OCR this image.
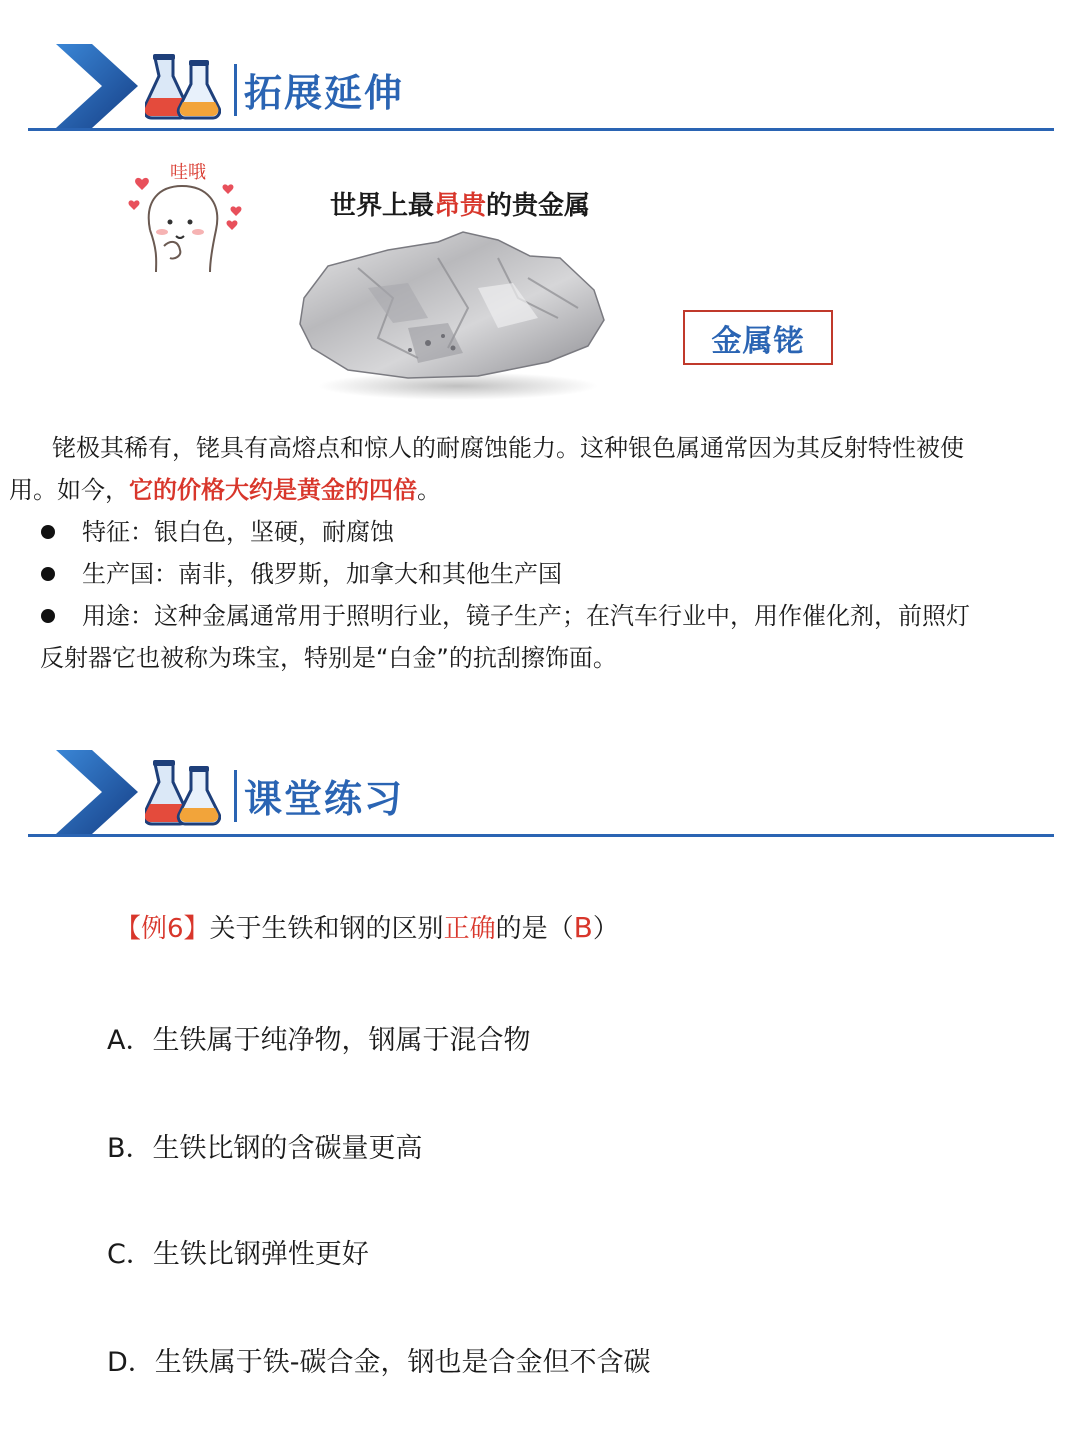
拓展延伸
哇哦
世界上最昂贵的贵金属
金属铑
铑极其稀有，铑具有高熔点和惊人的耐腐蚀能力。这种银色属通常因为其反射特性被使
用。如今，它的价格大约是黄金的四倍。
特征：银白色，坚硬，耐腐蚀
生产国：南非，俄罗斯，加拿大和其他生产国
用途：这种金属通常用于照明行业，镜子生产；在汽车行业中，用作催化剂，前照灯
反射器它也被称为珠宝，特别是“白金”的抗刮擦饰面。
课堂练习
【例6】关于生铁和钢的区别正确的是（B）
A．生铁属于纯净物，钢属于混合物
B．生铁比钢的含碳量更高
C．生铁比钢弹性更好
D．生铁属于铁-碳合金，钢也是合金但不含碳
